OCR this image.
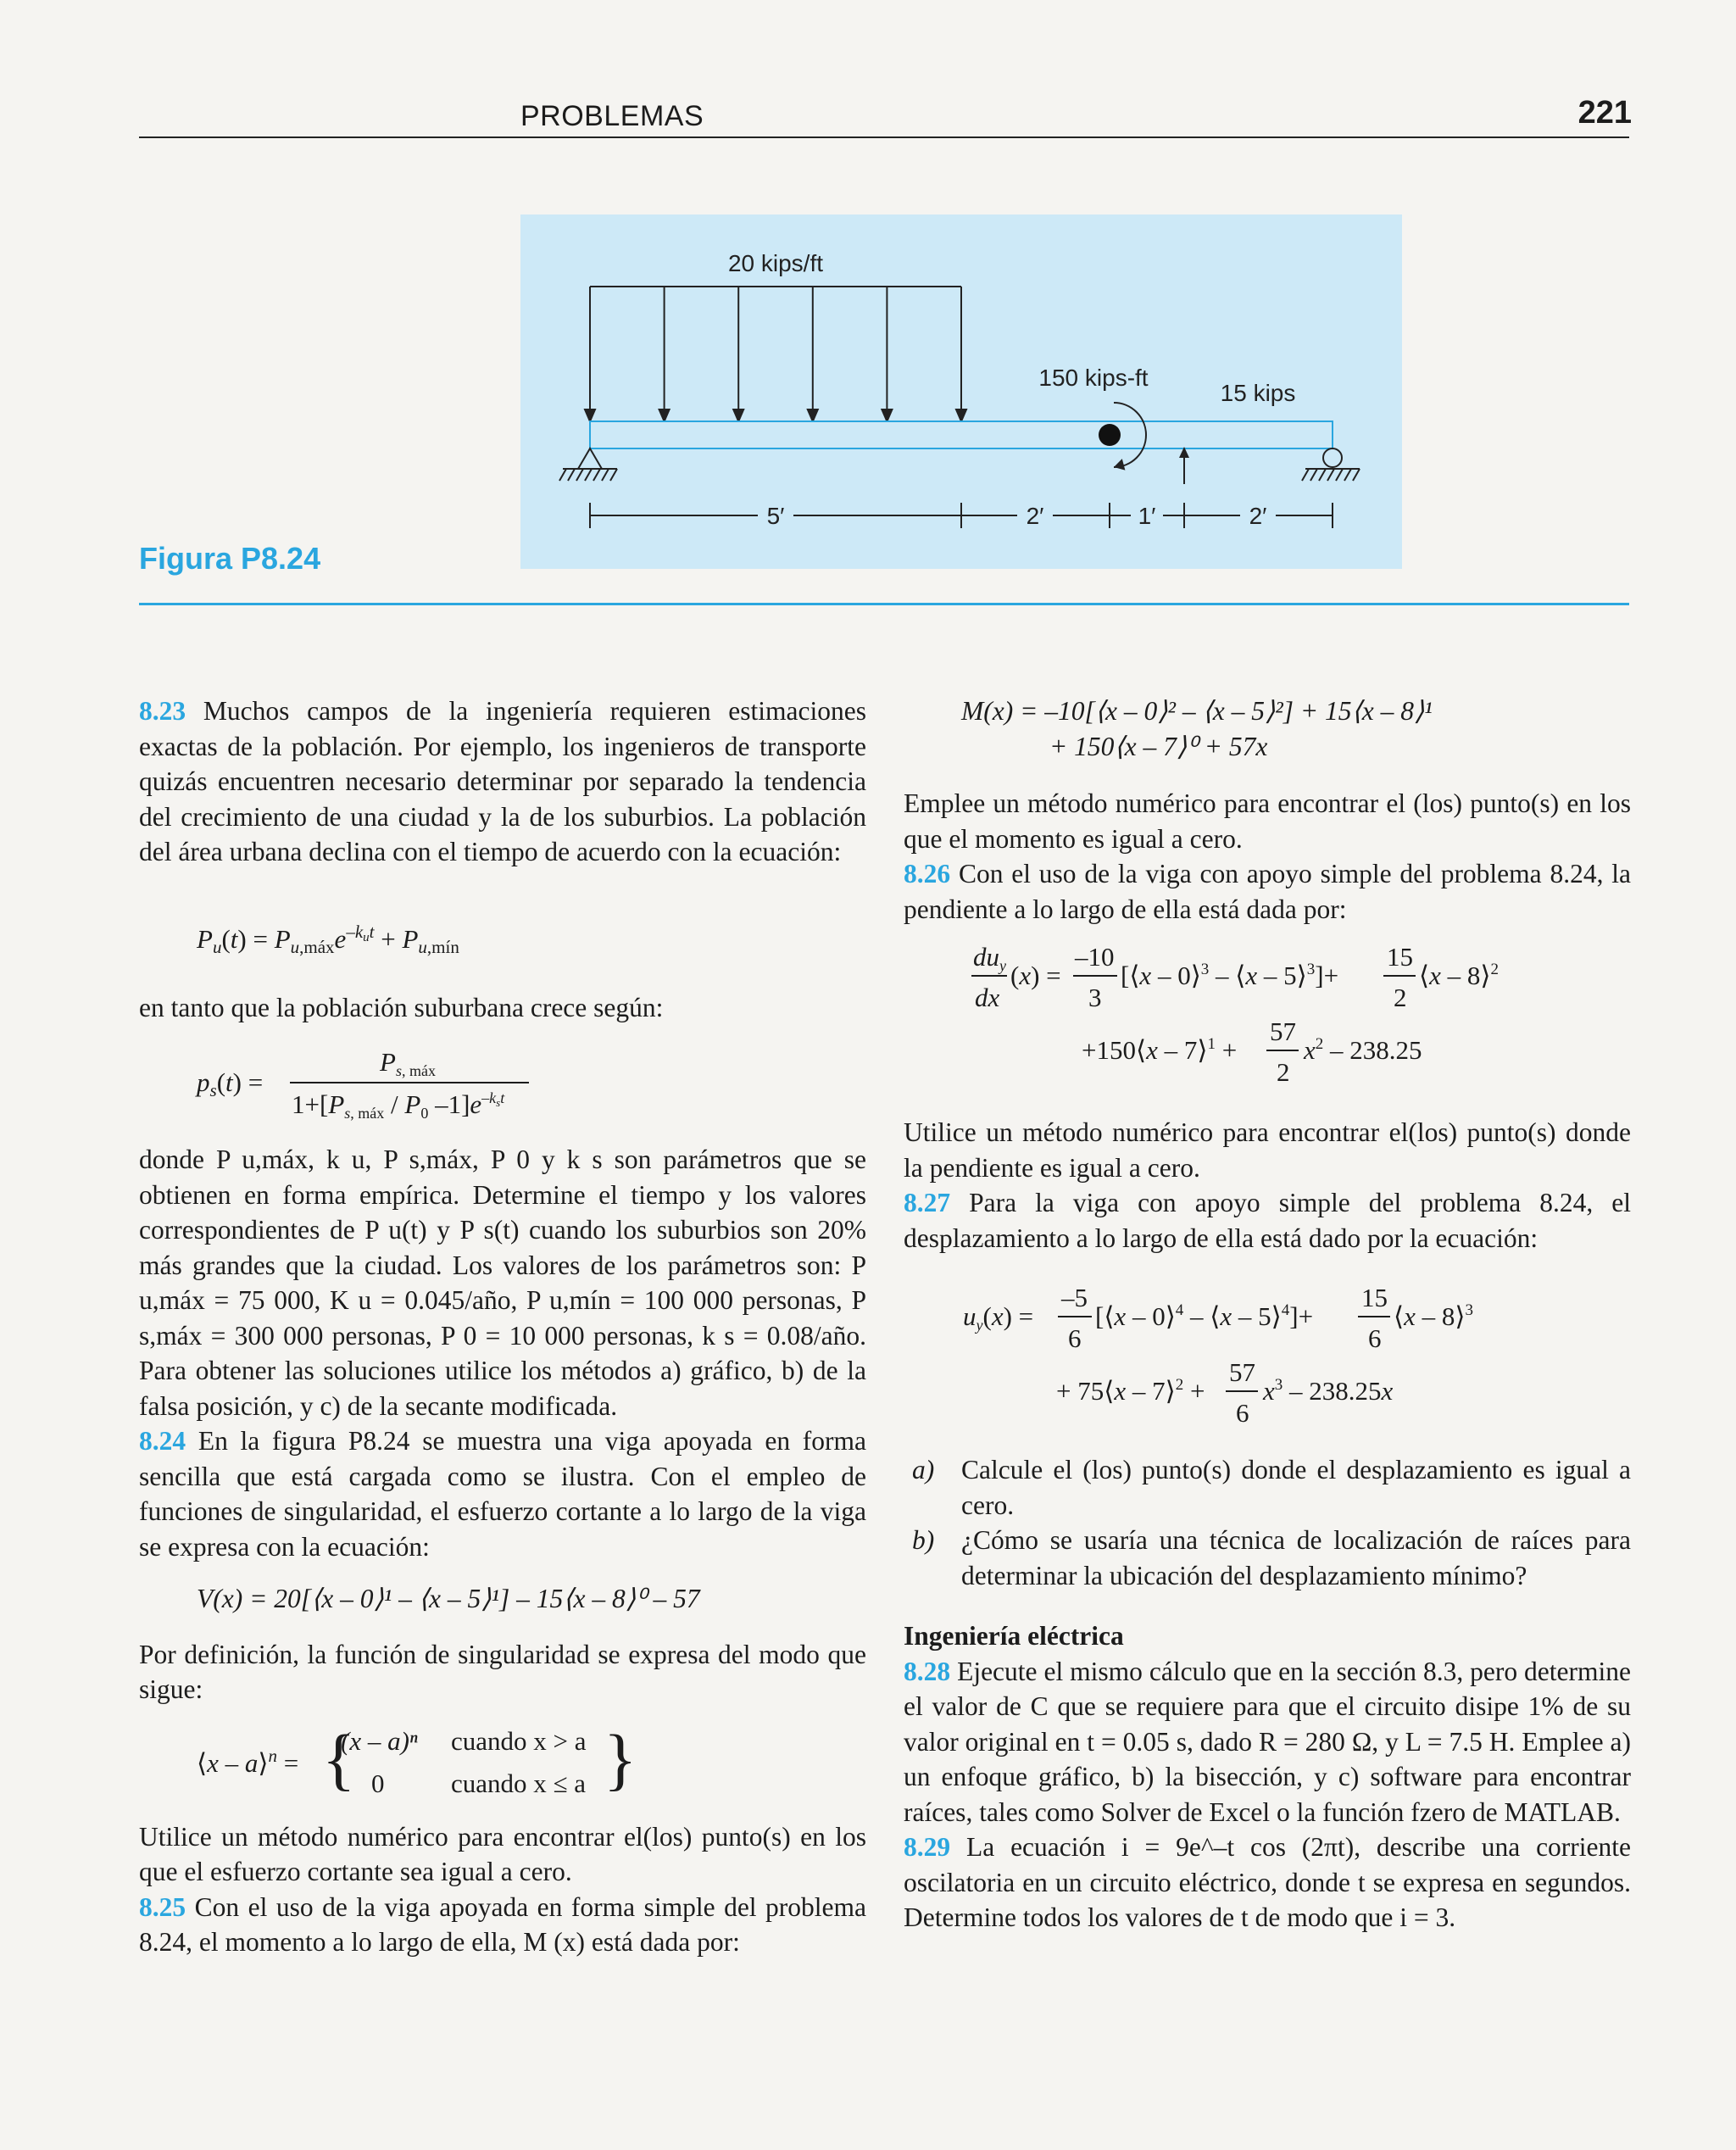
PROBLEMAS	221
20 kips/ft
150 kips-ft
15 kips
5′	2′	1′	2′
Figura P8.24

8.23 Muchos campos de la ingeniería requieren estimaciones exactas de la población. Por ejemplo, los ingenieros de transporte quizás encuentren necesario determinar por separado la tendencia del crecimiento de una ciudad y la de los suburbios. La población del área urbana declina con el tiempo de acuerdo con la ecuación:

Pu(t) = Pu,máxe–kut + Pu,mín

en tanto que la población suburbana crece según:

ps(t) =
Ps, máx
1+[Ps, máx / P0 –1]e–kst

donde P u,máx, k u, P s,máx, P 0 y k s son parámetros que se obtienen en forma empírica. Determine el tiempo y los valores correspondientes de P u(t) y P s(t) cuando los suburbios son 20% más grandes que la ciudad. Los valores de los parámetros son: P u,máx = 75 000, K u = 0.045/año, P u,mín = 100 000 personas, P s,máx = 300 000 personas, P 0 = 10 000 personas, k s = 0.08/año. Para obtener las soluciones utilice los métodos a) gráfico, b) de la falsa posición, y c) de la secante modificada.

8.24 En la figura P8.24 se muestra una viga apoyada en forma sencilla que está cargada como se ilustra. Con el empleo de funciones de singularidad, el esfuerzo cortante a lo largo de la viga se expresa con la ecuación:

V(x) = 20[⟨x – 0⟩¹ – ⟨x – 5⟩¹] – 15⟨x – 8⟩⁰ – 57

Por definición, la función de singularidad se expresa del modo que sigue:

⟨x – a⟩$^n$ = {
(x – a)ⁿ cuando x > a
0	cuando x ≤ a }

Utilice un método numérico para encontrar el(los) punto(s) en los que el esfuerzo cortante sea igual a cero.

8.25 Con el uso de la viga apoyada en forma simple del problema 8.24, el momento a lo largo de ella, M (x) está dada por:

M(x) = –10[⟨x – 0⟩² – ⟨x – 5⟩²] + 15⟨x – 8⟩¹

+ 150⟨x – 7⟩⁰ + 57x

Emplee un método numérico para encontrar el (los) punto(s) en los que el momento es igual a cero.

8.26 Con el uso de la viga con apoyo simple del problema 8.24, la pendiente a lo largo de ella está dada por:

duy
dx
(x) =
–10
3
[⟨x – 0⟩$^3$ – ⟨x – 5⟩$^3$]+
15
2
⟨x – 8⟩$^2$
+150⟨x – 7⟩$^1$ +
57
2
$x^2 - 238.25$

Utilice un método numérico para encontrar el(los) punto(s) donde la pendiente es igual a cero.

8.27 Para la viga con apoyo simple del problema 8.24, el desplazamiento a lo largo de ella está dado por la ecuación:

uy(x) =
–5
6
[⟨x – 0⟩$^4$ – ⟨x – 5⟩$^4$]+
15
6
⟨x – 8⟩$^3$
+ 75⟨x – 7⟩$^2$ +
57
6
$x^3 - 238.25x$
a)	Calcule el (los) punto(s) donde el desplazamiento es igual a cero.
b)	¿Cómo se usaría una técnica de localización de raíces para determinar la ubicación del desplazamiento mínimo?

Ingeniería eléctrica

8.28 Ejecute el mismo cálculo que en la sección 8.3, pero determine el valor de C que se requiere para que el circuito disipe 1% de su valor original en t = 0.05 s, dado R = 280 Ω, y L = 7.5 H. Emplee a) un enfoque gráfico, b) la bisección, y c) software para encontrar raíces, tales como Solver de Excel o la función fzero de MATLAB.

8.29 La ecuación i = 9e^–t cos (2πt), describe una corriente oscilatoria en un circuito eléctrico, donde t se expresa en segundos. Determine todos los valores de t de modo que i = 3.
